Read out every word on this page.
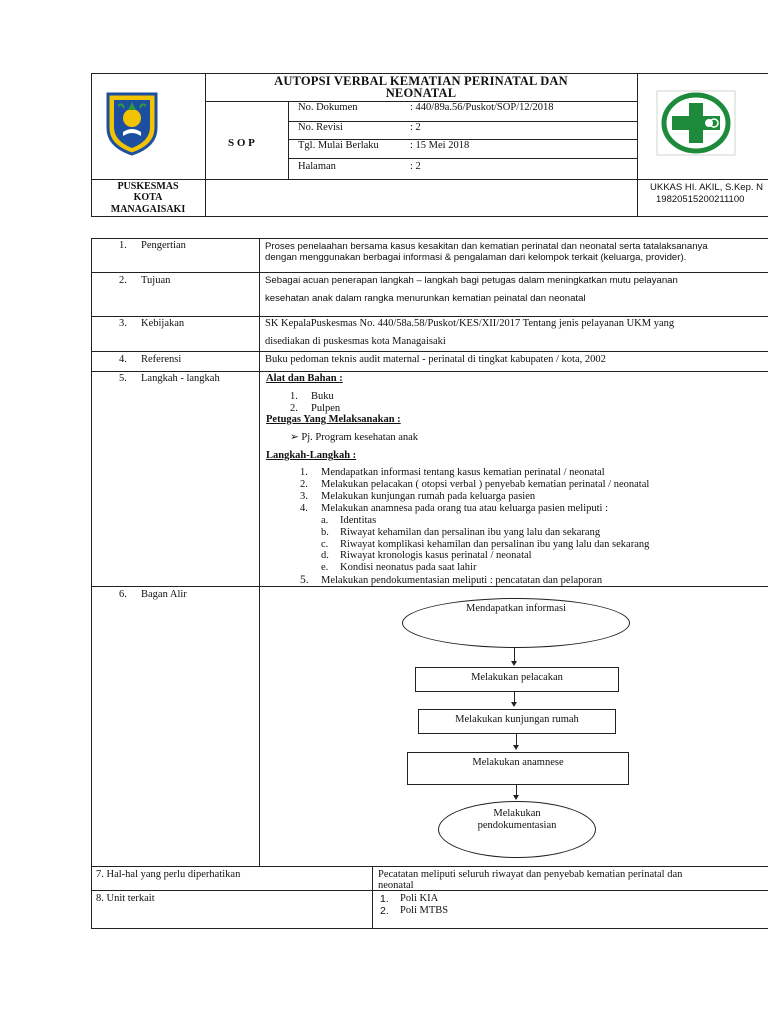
AUTOPSI VERBAL KEMATIAN PERINATAL DAN
NEONATAL
S O P
No. Dokumen	: 440/89a.56/Puskot/SOP/12/2018
No. Revisi	: 2
Tgl. Mulai Berlaku	: 15 Mei 2018
Halaman	: 2
PUSKESMAS
KOTA
MANAGAISAKI
UKKAS HI. AKIL, S.Kep. N
19820515200211100
1. Pengertian	Proses penelaahan bersama kasus kesakitan dan kematian perinatal dan neonatal serta tatalaksananya
dengan menggunakan berbagai informasi & pengalaman dari kelompok terkait (keluarga, provider).
2. Tujuan	Sebagai acuan penerapan langkah – langkah bagi petugas dalam meningkatkan mutu pelayanan
kesehatan anak dalam rangka menurunkan kematian peinatal dan neonatal
3. Kebijakan	SK KepalaPuskesmas No. 440/58a.58/Puskot/KES/XII/2017 Tentang jenis pelayanan UKM yang
disediakan di puskesmas kota Managaisaki
4. Referensi	Buku pedoman teknis audit maternal - perinatal di tingkat kabupaten / kota, 2002
5. Langkah - langkah	Alat dan Bahan :
1. Buku
2. Pulpen
Petugas Yang Melaksanakan :
➢ Pj. Program kesehatan anak
Langkah-Langkah :
1. Mendapatkan informasi tentang kasus kematian perinatal / neonatal
2. Melakukan pelacakan ( otopsi verbal ) penyebab kematian perinatal / neonatal
3. Melakukan kunjungan rumah pada keluarga pasien
4. Melakukan anamnesa pada orang tua atau keluarga pasien meliputi :
a. Identitas
b. Riwayat kehamilan dan persalinan ibu yang lalu dan sekarang
c. Riwayat komplikasi kehamilan dan persalinan ibu yang lalu dan sekarang
d. Riwayat kronologis kasus perinatal / neonatal
e. Kondisi neonatus pada saat lahir
5. Melakukan pendokumentasian meliputi : pencatatan dan pelaporan
6. Bagan Alir
Mendapatkan informasi
Melakukan pelacakan
Melakukan kunjungan rumah
Melakukan anamnese
Melakukan
pendokumentasian
7. Hal-hal yang perlu diperhatikan	Pecatatan meliputi seluruh riwayat dan penyebab kematian perinatal dan
neonatal
8. Unit terkait	1. Poli KIA
2. Poli MTBS
